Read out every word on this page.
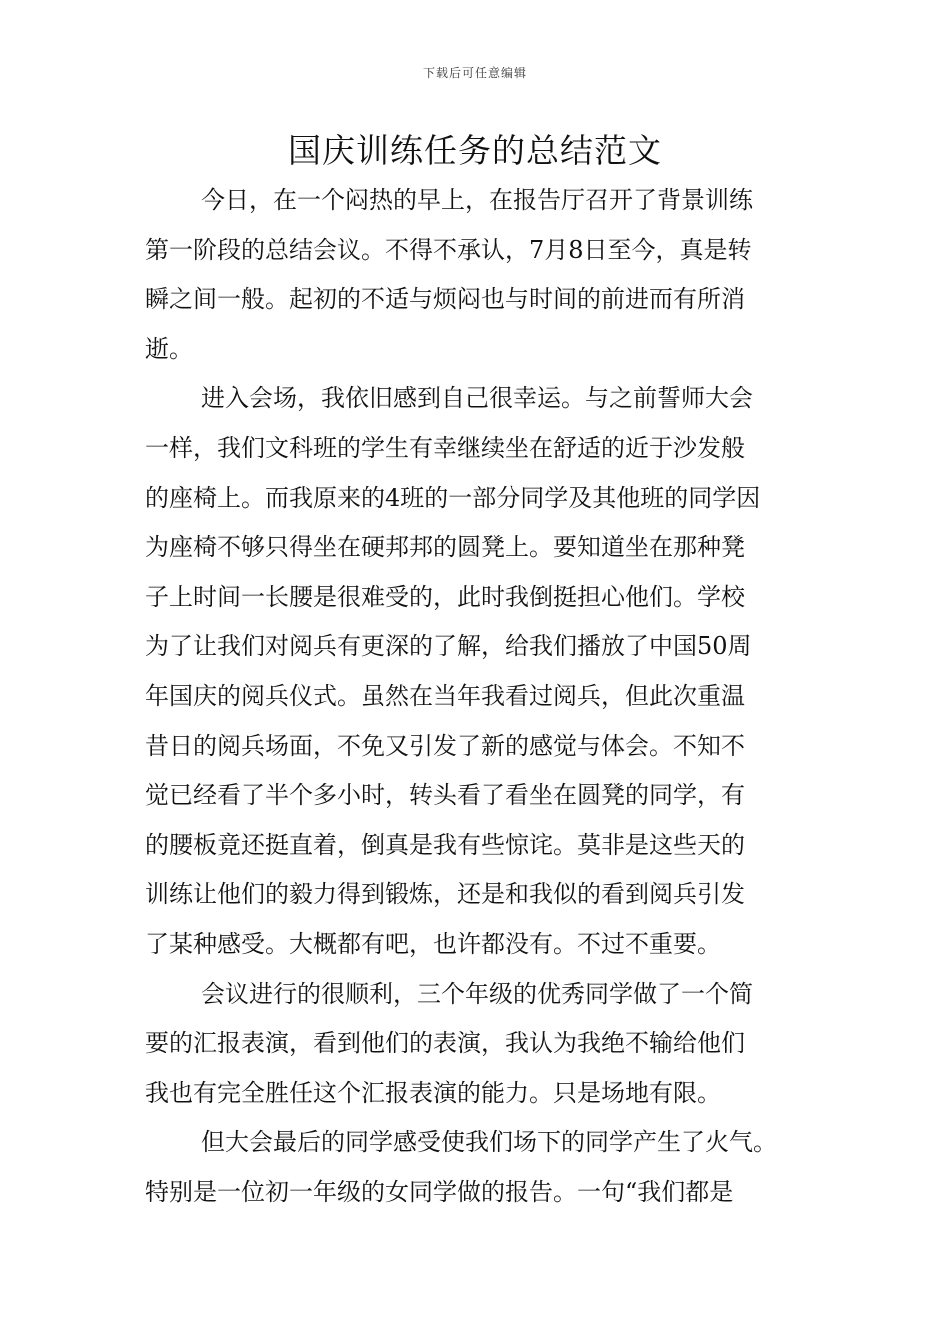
下载后可任意编辑
国庆训练任务的总结范文
今日，在一个闷热的早上，在报告厅召开了背景训练
第一阶段的总结会议。不得不承认，7月8日至今，真是转
瞬之间一般。起初的不适与烦闷也与时间的前进而有所消
逝。
进入会场，我依旧感到自己很幸运。与之前誓师大会
一样，我们文科班的学生有幸继续坐在舒适的近于沙发般
的座椅上。而我原来的4班的一部分同学及其他班的同学因
为座椅不够只得坐在硬邦邦的圆凳上。要知道坐在那种凳
子上时间一长腰是很难受的，此时我倒挺担心他们。学校
为了让我们对阅兵有更深的了解，给我们播放了中国50周
年国庆的阅兵仪式。虽然在当年我看过阅兵，但此次重温
昔日的阅兵场面，不免又引发了新的感觉与体会。不知不
觉已经看了半个多小时，转头看了看坐在圆凳的同学，有
的腰板竟还挺直着，倒真是我有些惊诧。莫非是这些天的
训练让他们的毅力得到锻炼，还是和我似的看到阅兵引发
了某种感受。大概都有吧，也许都没有。不过不重要。
会议进行的很顺利，三个年级的优秀同学做了一个简
要的汇报表演，看到他们的表演，我认为我绝不输给他们
我也有完全胜任这个汇报表演的能力。只是场地有限。
但大会最后的同学感受使我们场下的同学产生了火气。
特别是一位初一年级的女同学做的报告。一句“我们都是
